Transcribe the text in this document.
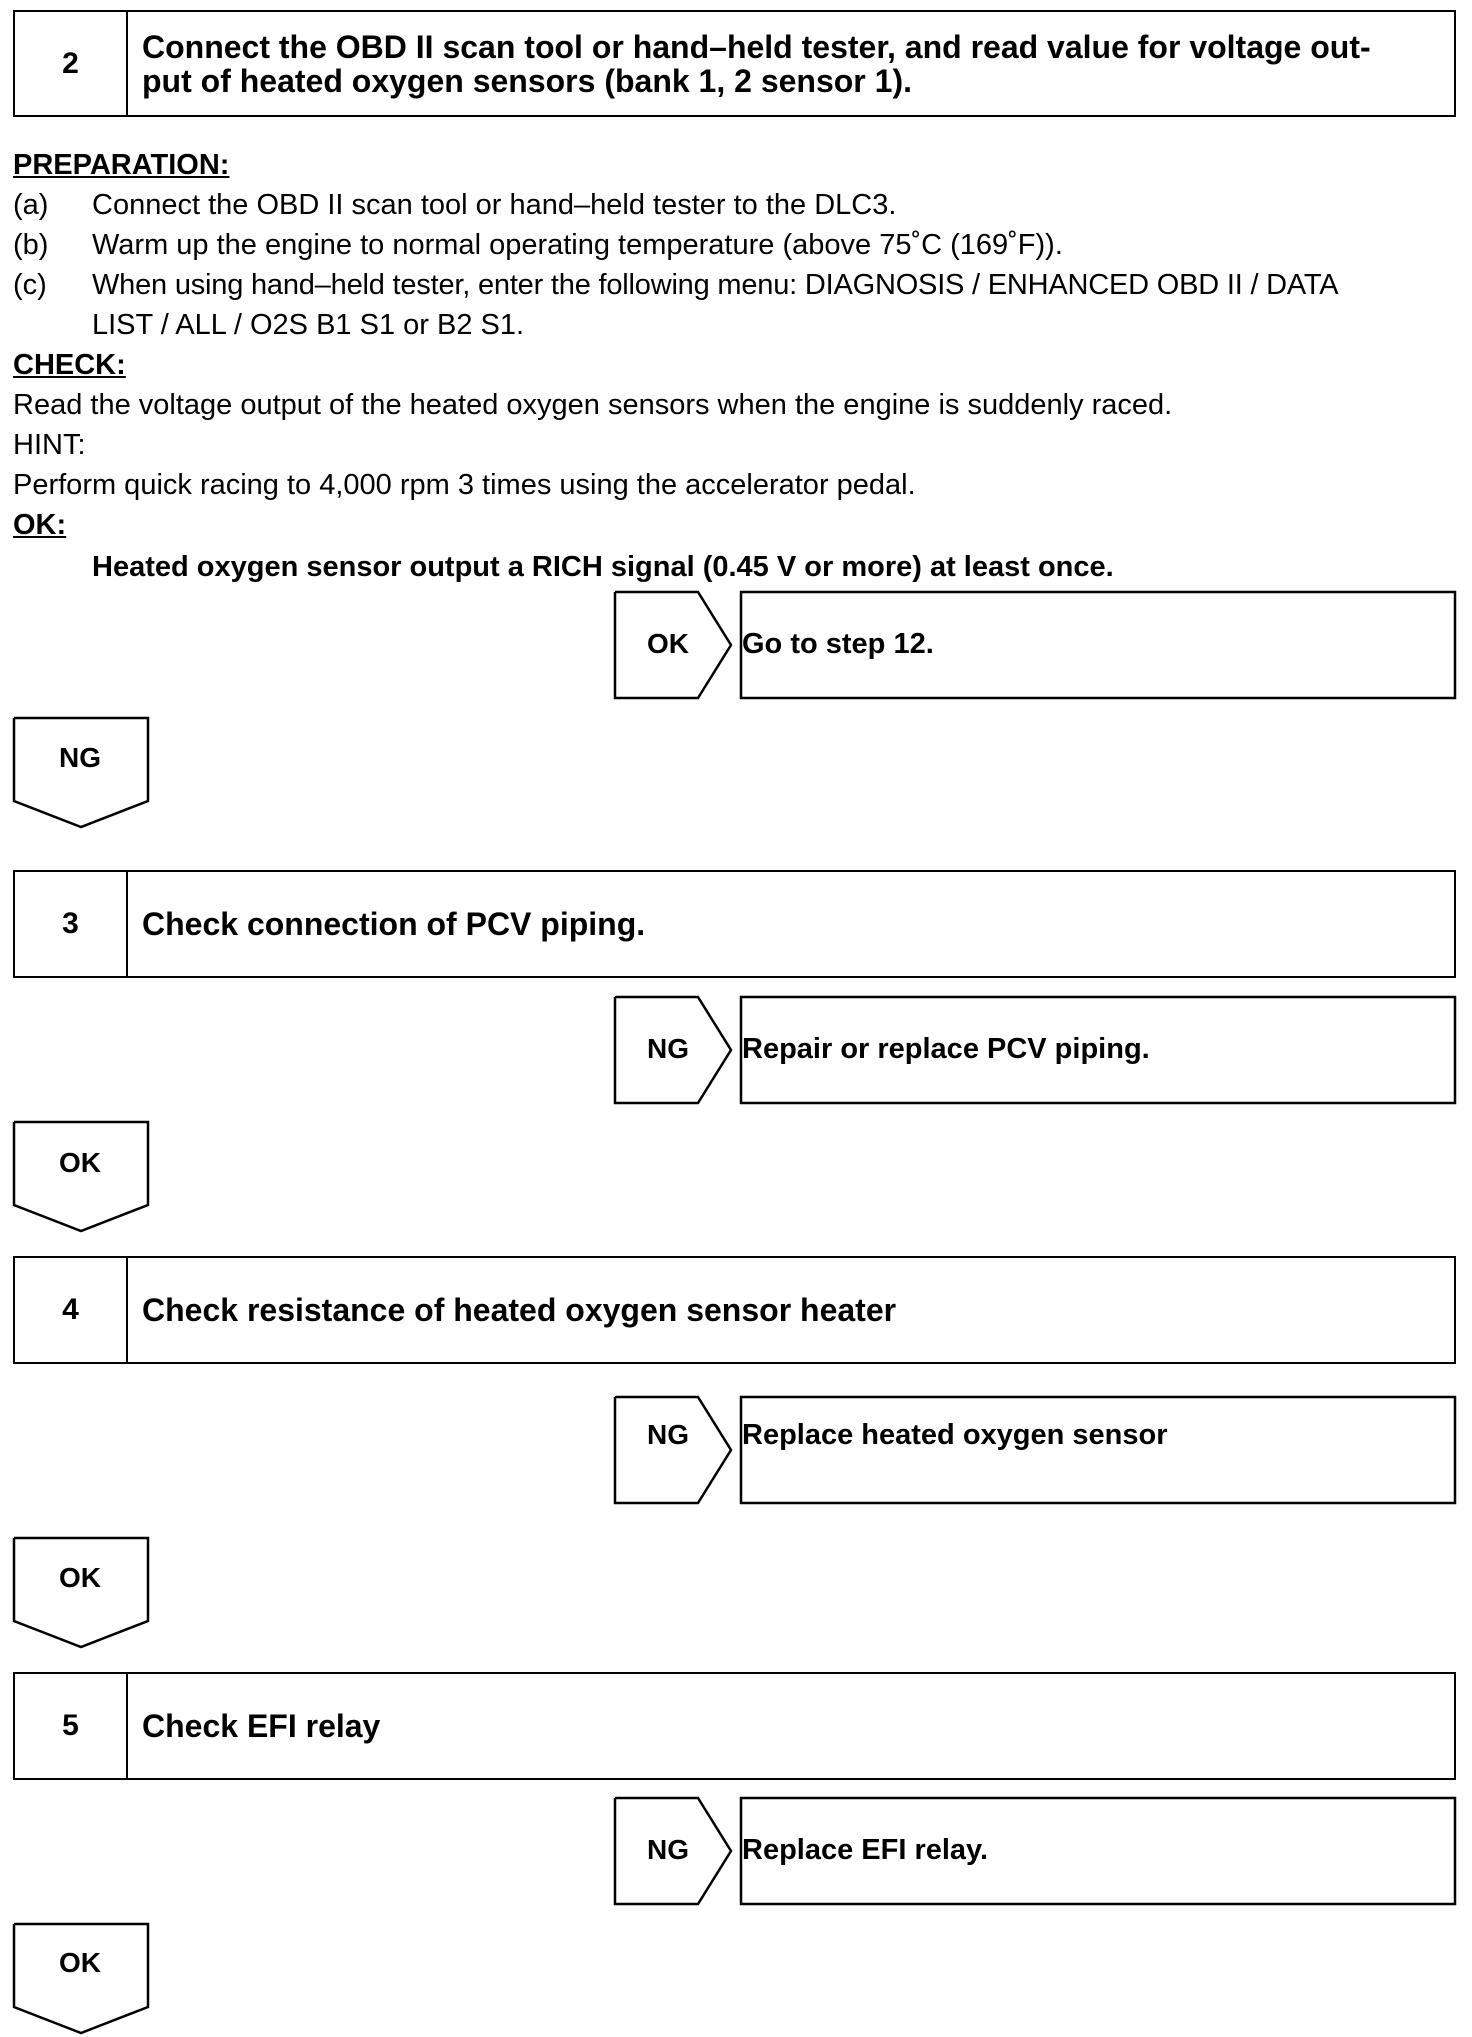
2	Connect the OBD II scan tool or hand–held tester, and read value for voltage out-
put of heated oxygen sensors (bank 1, 2 sensor 1).
PREPARATION:
(a) Connect the OBD II scan tool or hand–held tester to the DLC3.
(b) Warm up the engine to normal operating temperature (above 75˚C (169˚F)).
(c) When using hand–held tester, enter the following menu: DIAGNOSIS / ENHANCED OBD II / DATA
LIST / ALL / O2S B1 S1 or B2 S1.
CHECK:
Read the voltage output of the heated oxygen sensors when the engine is suddenly raced.
HINT:
Perform quick racing to 4,000 rpm 3 times using the accelerator pedal.
OK:
Heated oxygen sensor output a RICH signal (0.45 V or more) at least once.
OK	Go to step 12.
NG
3	Check connection of PCV piping.
NG	Repair or replace PCV piping.
OK
4	Check resistance of heated oxygen sensor heater
NG	Replace heated oxygen sensor
OK
5	Check EFI relay
NG	Replace EFI relay.
OK
